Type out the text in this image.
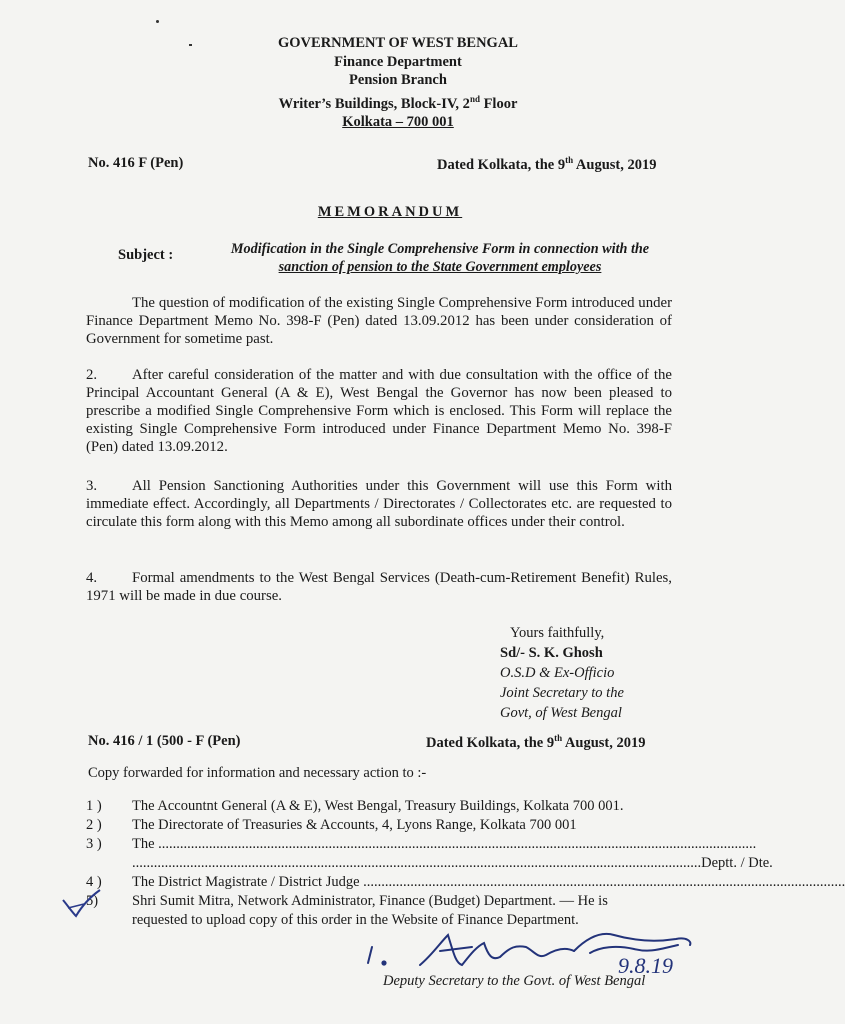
GOVERNMENT OF WEST BENGAL
Finance Department
Pension Branch
Writer’s Buildings, Block-IV, 2nd Floor
Kolkata – 700 001
No. 416 F (Pen)	Dated Kolkata, the 9th August, 2019
MEMORANDUM
Subject :	Modification in the Single Comprehensive Form in connection with the
sanction of pension to the State Government employees
The question of modification of the existing Single Comprehensive Form introduced under Finance Department Memo No. 398-F (Pen) dated 13.09.2012 has been under consideration of Government for sometime past.
2. After careful consideration of the matter and with due consultation with the office of the Principal Accountant General (A & E), West Bengal the Governor has now been pleased to prescribe a modified Single Comprehensive Form which is enclosed. This Form will replace the existing Single Comprehensive Form introduced under Finance Department Memo No. 398-F (Pen) dated 13.09.2012.
3. All Pension Sanctioning Authorities under this Government will use this Form with immediate effect. Accordingly, all Departments / Directorates / Collectorates etc. are requested to circulate this form along with this Memo among all subordinate offices under their control.
4. Formal amendments to the West Bengal Services (Death-cum-Retirement Benefit) Rules, 1971 will be made in due course.
Yours faithfully,
Sd/- S. K. Ghosh
O.S.D & Ex-Officio
Joint Secretary to the
Govt, of West Bengal
No. 416 / 1 (500 - F (Pen)	Dated Kolkata, the 9th August, 2019
Copy forwarded for information and necessary action to :-
1 )	The Accountnt General (A & E), West Bengal, Treasury Buildings, Kolkata 700 001.
2 )	The Directorate of Treasuries & Accounts, 4, Lyons Range, Kolkata 700 001
3 )	The .....................................................................................................................................................................
............................................................................................................................................................. Deptt. / Dte.
4 )	The District Magistrate / District Judge .....................................................................................................................................
5)	Shri Sumit Mitra, Network Administrator, Finance (Budget) Department. — He is
requested to upload copy of this order in the Website of Finance Department.
9.8.19
Deputy Secretary to the Govt. of West Bengal
